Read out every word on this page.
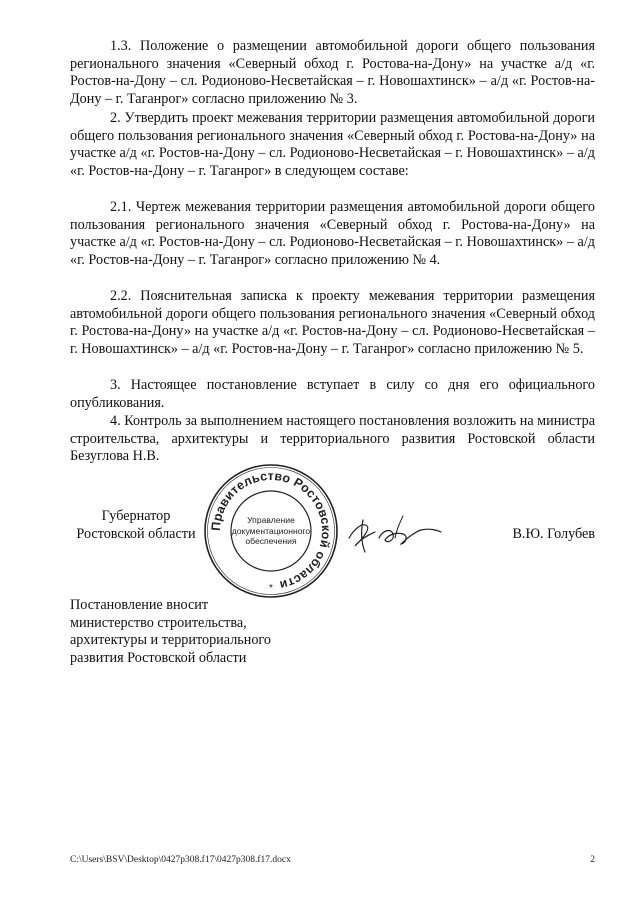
1.3. Положение о размещении автомобильной дороги общего пользования регионального значения «Северный обход г. Ростова-на-Дону» на участке а/д «г. Ростов-на-Дону – сл. Родионово-Несветайская – г. Новошахтинск» – а/д «г. Ростов-на-Дону – г. Таганрог» согласно приложению № 3.

2. Утвердить проект межевания территории размещения автомобильной дороги общего пользования регионального значения «Северный обход г. Ростова-на-Дону» на участке а/д «г. Ростов-на-Дону – сл. Родионово-Несветайская – г. Новошахтинск» – а/д «г. Ростов-на-Дону – г. Таганрог» в следующем составе:

2.1. Чертеж межевания территории размещения автомобильной дороги общего пользования регионального значения «Северный обход г. Ростова-на-Дону» на участке а/д «г. Ростов-на-Дону – сл. Родионово-Несветайская – г. Новошахтинск» – а/д «г. Ростов-на-Дону – г. Таганрог» согласно приложению № 4.

2.2. Пояснительная записка к проекту межевания территории размещения автомобильной дороги общего пользования регионального значения «Северный обход г. Ростова-на-Дону» на участке а/д «г. Ростов-на-Дону – сл. Родионово-Несветайская – г. Новошахтинск» – а/д «г. Ростов-на-Дону – г. Таганрог» согласно приложению № 5.

3. Настоящее постановление вступает в силу со дня его официального опубликования.

4. Контроль за выполнением настоящего постановления возложить на министра строительства, архитектуры и территориального развития Ростовской области Безуглова Н.В.

Губернатор
Ростовской области	Правительство Ростовской области
*
Управление
документационного
обеспечения	В.Ю. Голубев
Постановление вносит
министерство строительства,
архитектуры и территориального
развития Ростовской области
C:\Users\BSV\Desktop\0427p308.f17\0427p308.f17.docx	2
